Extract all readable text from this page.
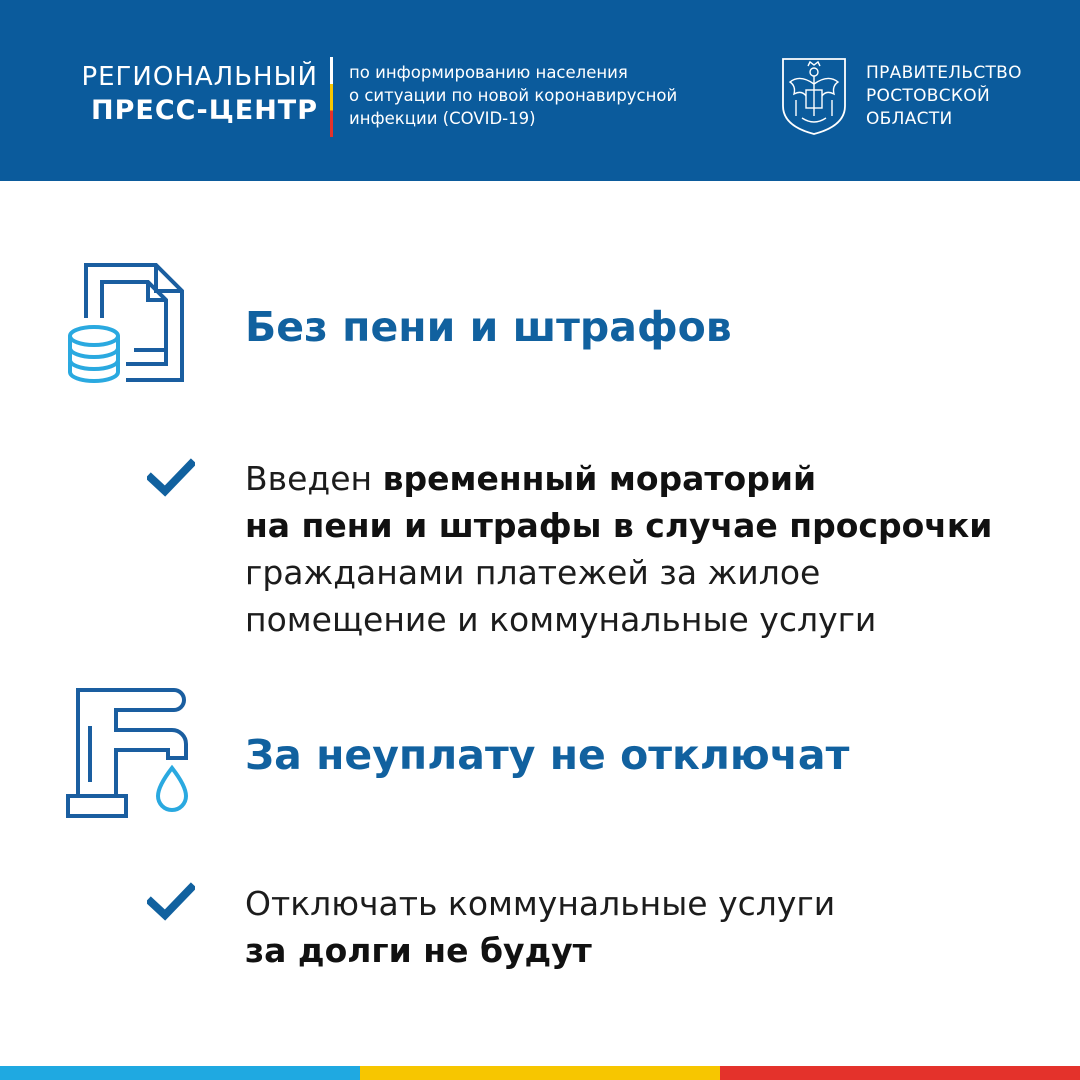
РЕГИОНАЛЬНЫЙ
ПРЕСС-ЦЕНТР
по информированию населения
о ситуации по новой коронавирусной
инфекции (COVID-19)
ПРАВИТЕЛЬСТВО
РОСТОВСКОЙ
ОБЛАСТИ
Без пени и штрафов
Введен временный мораторий
на пени и штрафы в случае просрочки
гражданами платежей за жилое
помещение и коммунальные услуги
За неуплату не отключат
Отключать коммунальные услуги
за долги не будут
